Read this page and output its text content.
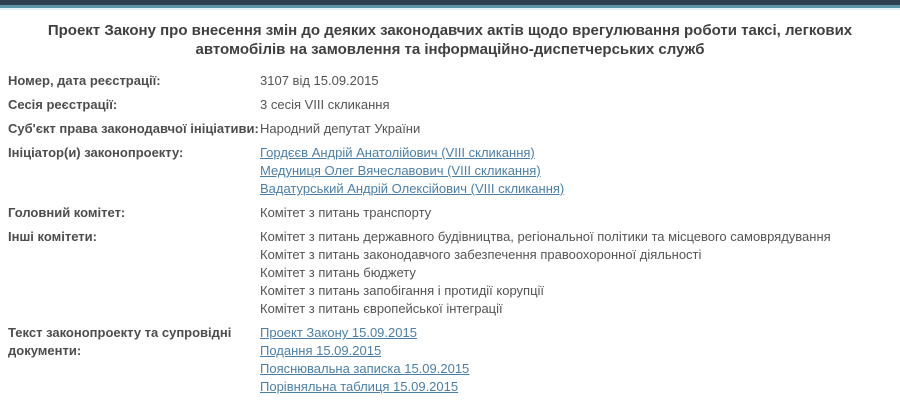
Проект Закону про внесення змін до деяких законодавчих актів щодо врегулювання роботи таксі, легкових автомобілів на замовлення та інформаційно-диспетчерських служб
Номер, дата реєстрації:	3107 від 15.09.2015
Сесія реєстрації:	3 сесія VIII скликання
Суб'єкт права законодавчої ініціативи:	Народний депутат України
Ініціатор(и) законопроекту:	Гордєєв Андрій Анатолійович (VIII скликання)
Медуниця Олег Вячеславович (VIII скликання)
Вадатурський Андрій Олексійович (VIII скликання)

Головний комітет:	Комітет з питань транспорту
Інші комітети:	Комітет з питань державного будівництва, регіональної політики та місцевого самоврядування
Комітет з питань законодавчого забезпечення правоохоронної діяльності
Комітет з питань бюджету
Комітет з питань запобігання і протидії корупції
Комітет з питань європейської інтеграції

Текст законопроекту та супровідні документи:	Проект Закону 15.09.2015
Подання 15.09.2015
Пояснювальна записка 15.09.2015
Порівняльна таблиця 15.09.2015
